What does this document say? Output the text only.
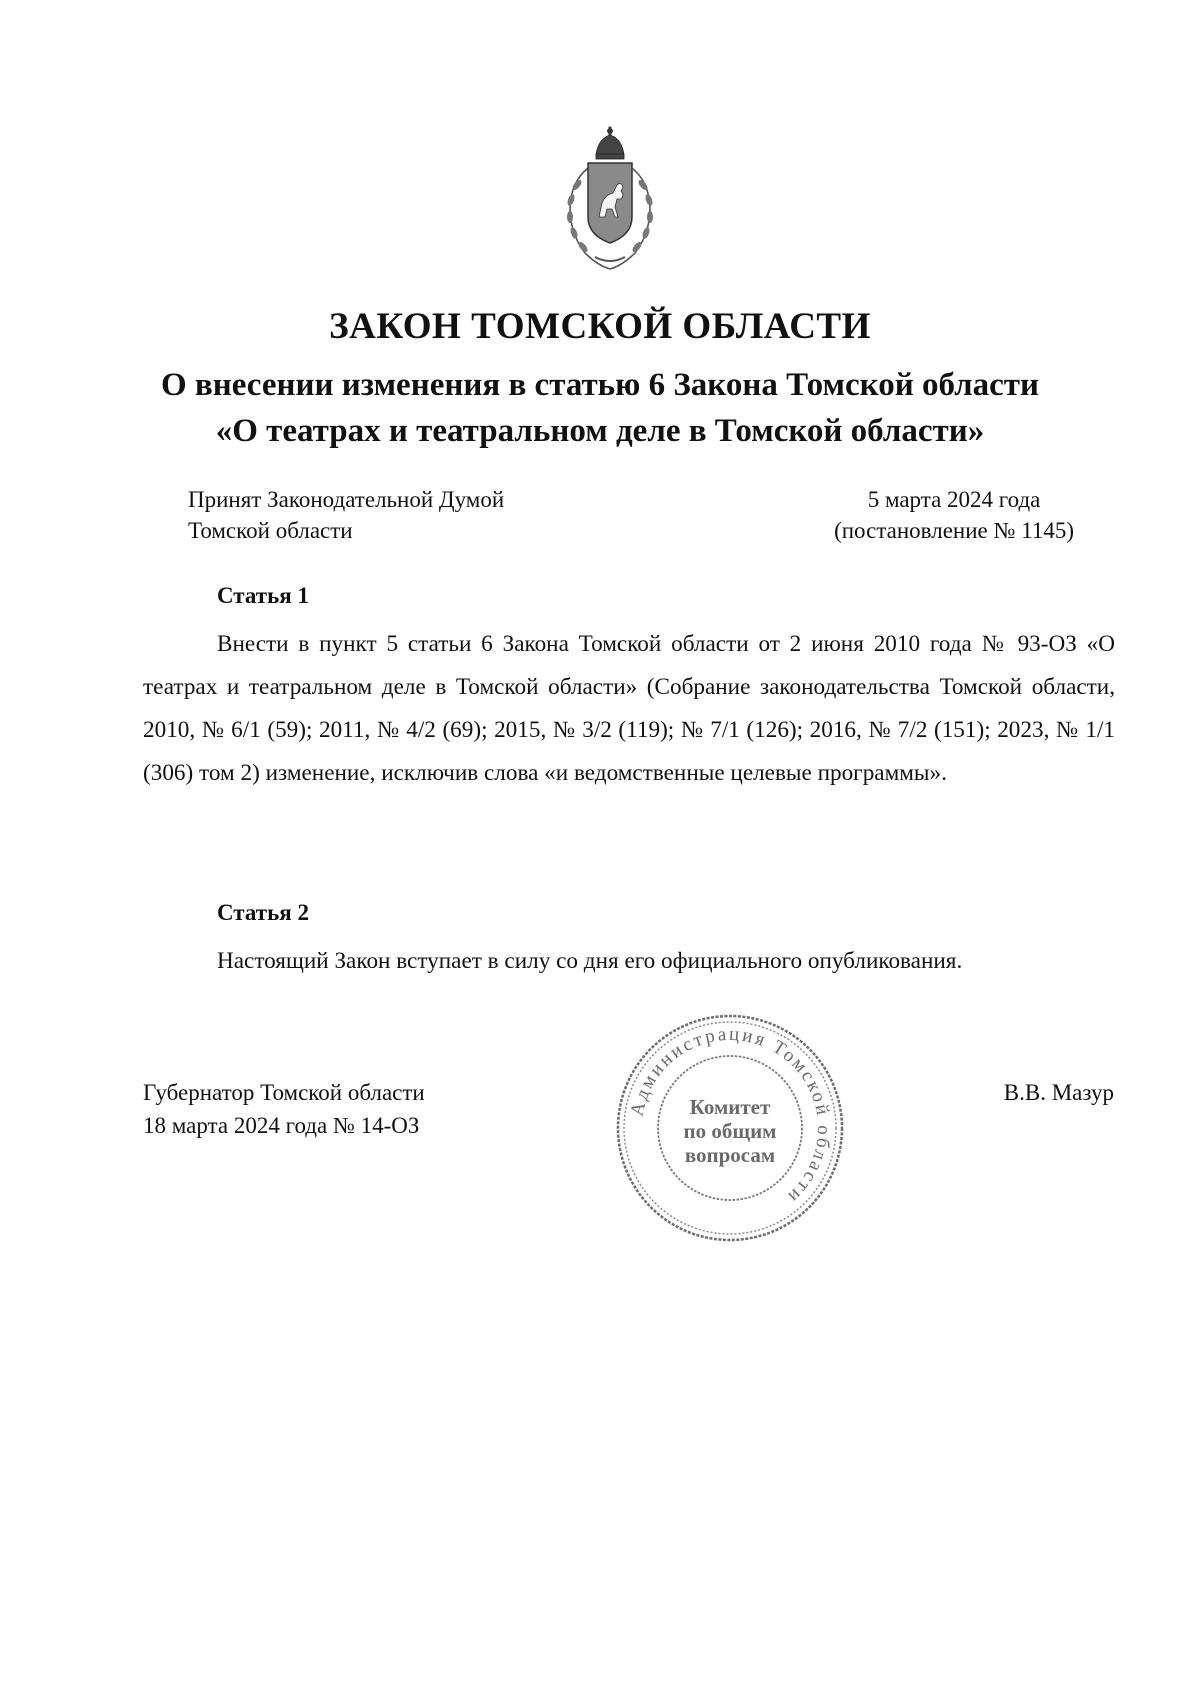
ЗАКОН ТОМСКОЙ ОБЛАСТИ
О внесении изменения в статью 6 Закона Томской области
«О театрах и театральном деле в Томской области»
Принят Законодательной Думой
Томской области
5 марта 2024 года
(постановление № 1145)
Статья 1

Внести в пункт 5 статьи 6 Закона Томской области от 2 июня 2010 года № 93-ОЗ «О театрах и театральном деле в Томской области» (Собрание законодательства Томской области, 2010, № 6/1 (59); 2011, № 4/2 (69); 2015, № 3/2 (119); № 7/1 (126); 2016, № 7/2 (151); 2023, № 1/1 (306) том 2) изменение, исключив слова «и ведомственные целевые программы».

Статья 2

Настоящий Закон вступает в силу со дня его официального опубликования.

Губернатор Томской области
18 марта 2024 года № 14-ОЗ
В.В. Мазур
Администрация Томской области
Комитет
по общим
вопросам
